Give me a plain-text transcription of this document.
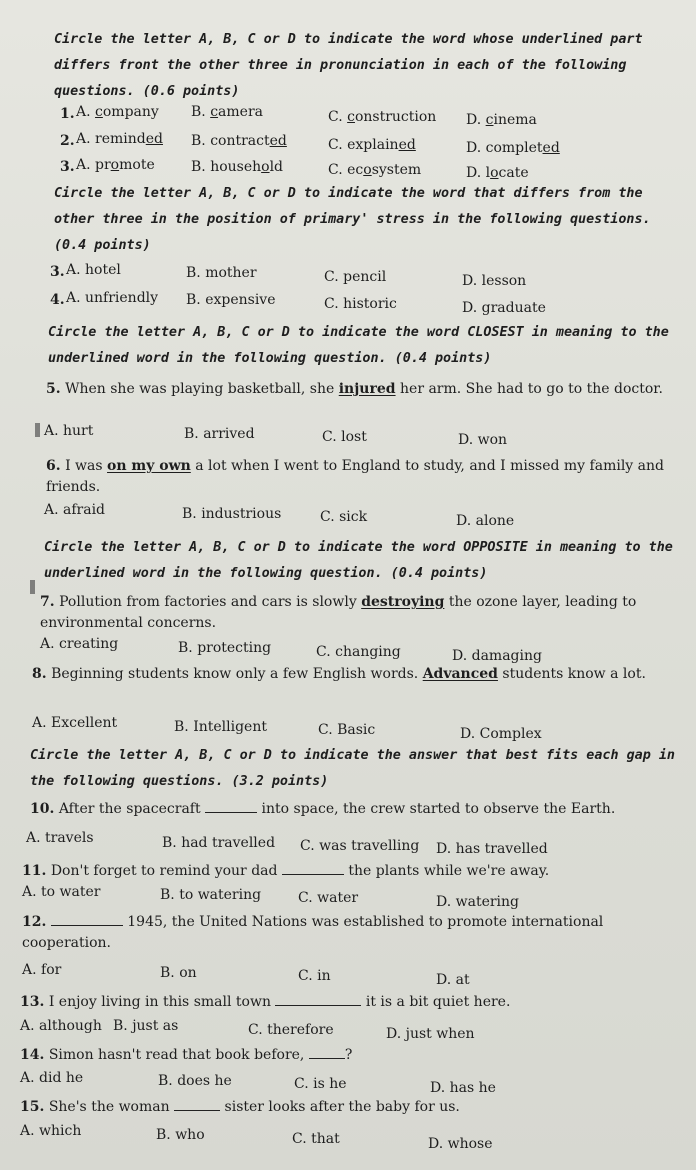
Circle the letter A, B, C or D to indicate the word whose underlined part differs front the other three in pronunciation in each of the following questions. (0.6 points)
1. A. company B. camera	C. construction D. cinema
2. A. reminded B. contracted	C. explained	D. completed
3. A. promote	B. household	C. ecosystem	D. locate
Circle the letter A, B, C or D to indicate the word that differs from the other three in the position of primary' stress in the following questions. (0.4 points)
3. A. hotel	B. mother	C. pencil	D. lesson
4. A. unfriendly B. expensive	C. historic	D. graduate
Circle the letter A, B, C or D to indicate the word CLOSEST in meaning to the underlined word in the following question. (0.4 points)
5. When she was playing basketball, she injured her arm. She had to go to the doctor.
A. hurt	B. arrived	C. lost	D. won
6. I was on my own a lot when I went to England to study, and I missed my family and friends.
A. afraid	B. industrious	C. sick	D. alone
Circle the letter A, B, C or D to indicate the word OPPOSITE in meaning to the underlined word in the following question. (0.4 points)
7. Pollution from factories and cars is slowly destroying the ozone layer, leading to environmental concerns.
A. creating	B. protecting	C. changing	D. damaging
8. Beginning students know only a few English words. Advanced students know a lot.
A. Excellent	B. Intelligent	C. Basic	D. Complex
Circle the letter A, B, C or D to indicate the answer that best fits each gap in the following questions. (3.2 points)
10. After the spacecraft	into space, the crew started to observe the Earth.
A. travels	B. had travelled C. was travelling D. has travelled
11. Don't forget to remind your dad	the plants while we're away.
A. to water	B. to watering	C. water	D. watering
12.	1945, the United Nations was established to promote international cooperation.
A. for	B. on	C. in	D. at
13. I enjoy living in this small town	it is a bit quiet here.
A. although B. just as	C. therefore	D. just when
14. Simon hasn't read that book before,	?
A. did he	B. does he	C. is he	D. has he
15. She's the woman	sister looks after the baby for us.
A. which	B. who	C. that	D. whose
